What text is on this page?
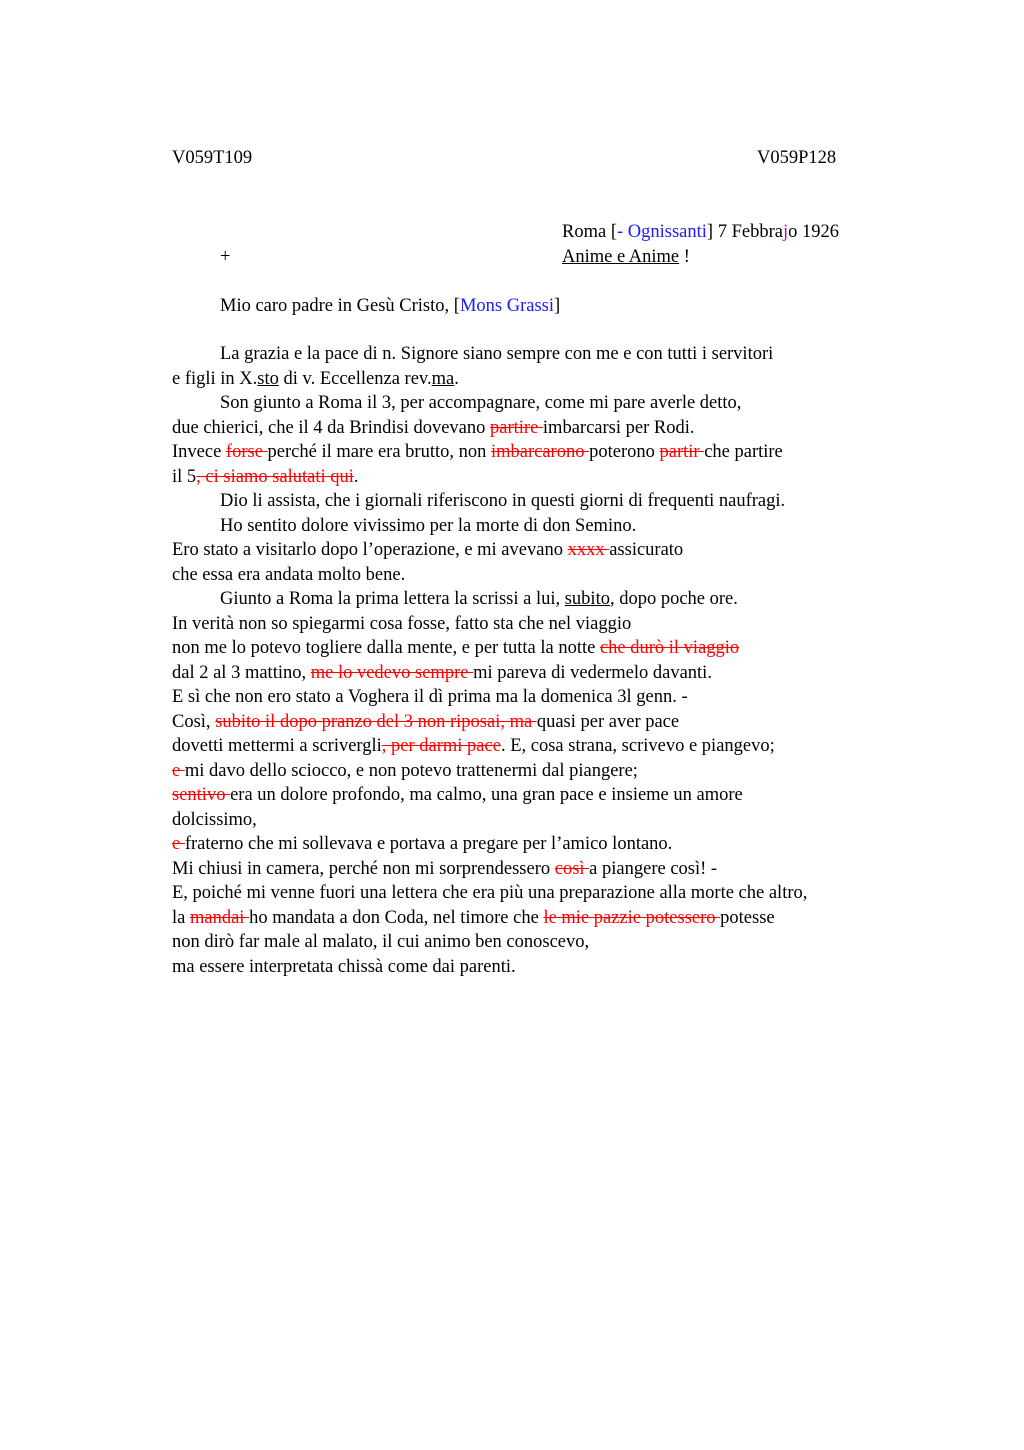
V059T109	V059P128
Roma [- Ognissanti] 7 Febbrajo 1926
+	Anime e Anime !
Mio caro padre in Gesù Cristo, [Mons Grassi]
La grazia e la pace di n. Signore siano sempre con me e con tutti i servitori
e figli in X.sto di v. Eccellenza rev.ma.
Son giunto a Roma il 3, per accompagnare, come mi pare averle detto,
due chierici, che il 4 da Brindisi dovevano partire imbarcarsi per Rodi.
Invece forse perché il mare era brutto, non imbarcarono poterono partir che partire
il 5, ci siamo salutati qui.
Dio li assista, che i giornali riferiscono in questi giorni di frequenti naufragi.
Ho sentito dolore vivissimo per la morte di don Semino.
Ero stato a visitarlo dopo l’operazione, e mi avevano xxxx assicurato
che essa era andata molto bene.
Giunto a Roma la prima lettera la scrissi a lui, subito, dopo poche ore.
In verità non so spiegarmi cosa fosse, fatto sta che nel viaggio
non me lo potevo togliere dalla mente, e per tutta la notte che durò il viaggio
dal 2 al 3 mattino, me lo vedevo sempre mi pareva di vedermelo davanti.
E sì che non ero stato a Voghera il dì prima ma la domenica 3l genn. -
Così, subito il dopo pranzo del 3 non riposai, ma quasi per aver pace
dovetti mettermi a scrivergli, per darmi pace. E, cosa strana, scrivevo e piangevo;
e mi davo dello sciocco, e non potevo trattenermi dal piangere;
sentivo era un dolore profondo, ma calmo, una gran pace e insieme un amore
dolcissimo,
e fraterno che mi sollevava e portava a pregare per l’amico lontano.
Mi chiusi in camera, perché non mi sorprendessero così a piangere così! -
E, poiché mi venne fuori una lettera che era più una preparazione alla morte che altro,
la mandai ho mandata a don Coda, nel timore che le mie pazzie potessero potesse
non dirò far male al malato, il cui animo ben conoscevo,
ma essere interpretata chissà come dai parenti.
